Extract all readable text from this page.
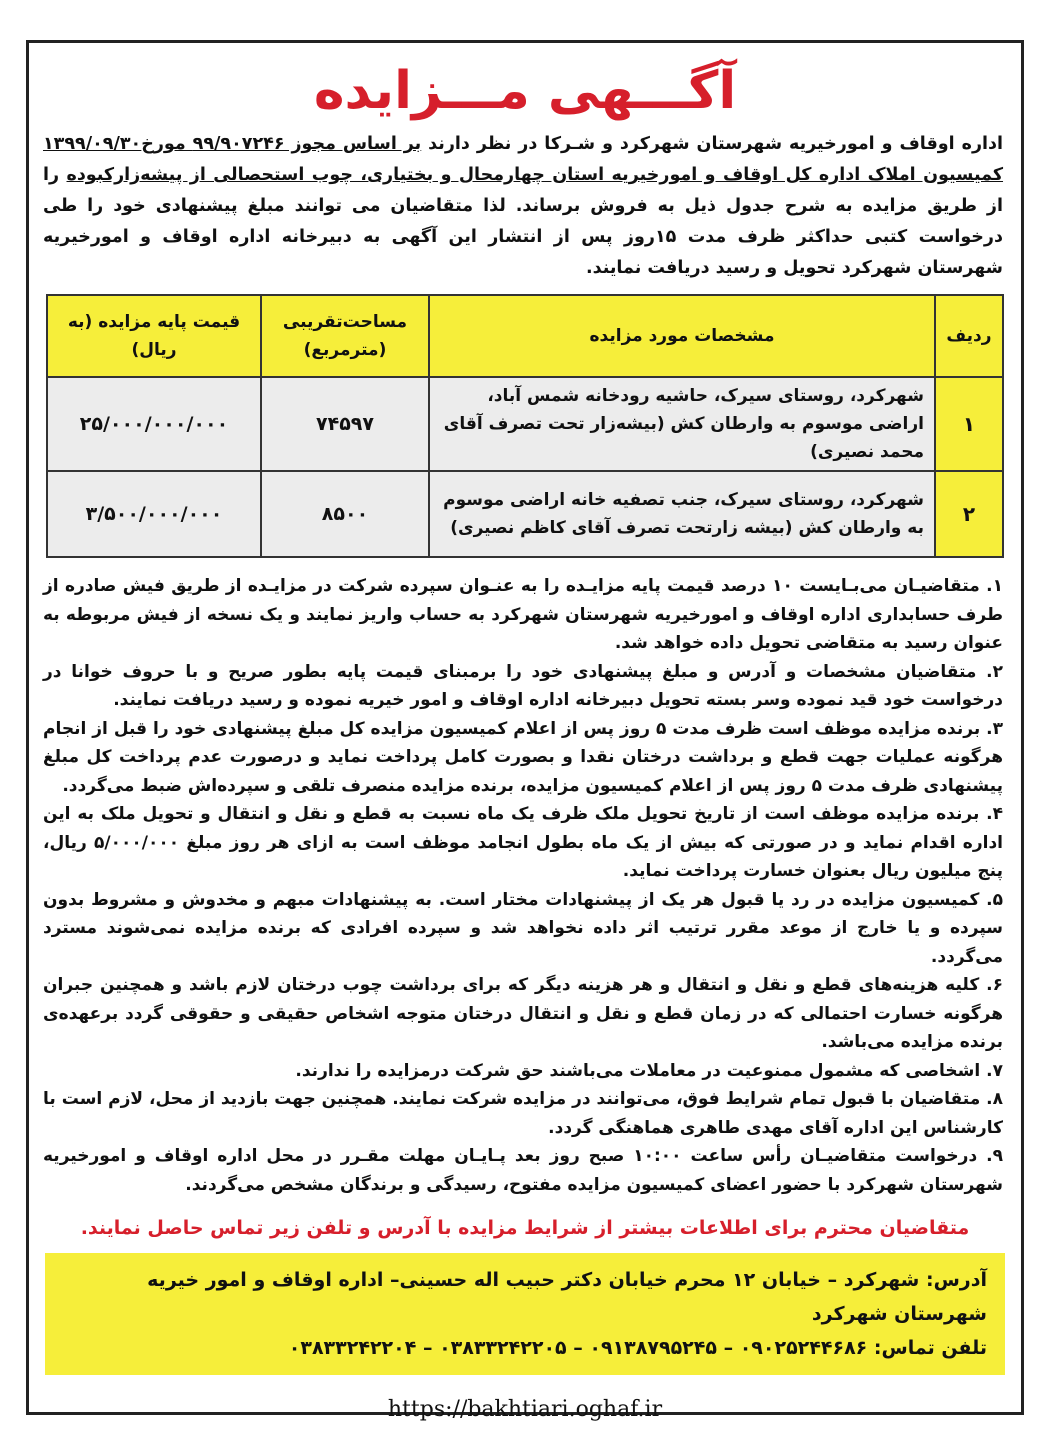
آگـــهی مـــزایده
اداره اوقاف و امورخیریه شهرستان شهرکرد و شـرکا در نظر دارند بر اساس مجوز ۹۹/۹۰۷۲۴۶ مورخ۱۳۹۹/۰۹/۳۰ کمیسیون املاک اداره کل اوقاف و امورخیریه استان چهارمحال و بختیاری، چوب استحصالی از پیشه‌زارکبوده را از طریق مزایده به شرح جدول ذیل به فروش برساند. لذا متقاضیان می توانند مبلغ پیشنهادی خود را طی درخواست کتبی حداکثر ظرف مدت ۱۵روز پس از انتشار این آگهی به دبیرخانه اداره اوقاف و امورخیریه شهرستان شهرکرد تحویل و رسید دریافت نمایند.
ردیف	مشخصات مورد مزایده	مساحت‌تقریبی (مترمربع)	قیمت پایه مزایده (به ریال)
۱	شهرکرد، روستای سیرک، حاشیه رودخانه شمس آباد، اراضی موسوم به وارطان کش (بیشه‌زار تحت تصرف آقای محمد نصیری)	۷۴۵۹۷	۲۵/۰۰۰/۰۰۰/۰۰۰
۲	شهرکرد، روستای سیرک، جنب تصفیه خانه اراضی موسوم به وارطان کش (بیشه زارتحت تصرف آقای کاظم نصیری)	۸۵۰۰	۳/۵۰۰/۰۰۰/۰۰۰
۱. متقاضیـان می‌بـایست ۱۰ درصد قیمت پایه مزایـده را به عنـوان سپرده شرکت در مزایـده از طریق فیش صادره از طرف حسابداری اداره اوقاف و امورخیریه شهرستان شهرکرد به حساب واریز نمایند و یک نسخه از فیش مربوطه به عنوان رسید به متقاضی تحویل داده خواهد شد.
۲. متقاضیان مشخصات و آدرس و مبلغ پیشنهادی خود را برمبنای قیمت پایه بطور صریح و با حروف خوانا در درخواست خود قید نموده وسر بسته تحویل دبیرخانه اداره اوقاف و امور خیریه نموده و رسید دریافت نمایند.
۳. برنده مزایده موظف است ظرف مدت ۵ روز پس از اعلام کمیسیون مزایده کل مبلغ پیشنهادی خود را قبل از انجام هرگونه عملیات جهت قطع و برداشت درختان نقدا و بصورت کامل پرداخت نماید و درصورت عدم پرداخت کل مبلغ پیشنهادی ظرف مدت ۵ روز پس از اعلام کمیسیون مزایده، برنده مزایده منصرف تلقی و سپرده‌اش ضبط می‌گردد.
۴. برنده مزایده موظف است از تاریخ تحویل ملک ظرف یک ماه نسبت به قطع و نقل و انتقال و تحویل ملک به این اداره اقدام نماید و در صورتی که بیش از یک ماه بطول انجامد موظف است به ازای هر روز مبلغ ۵/۰۰۰/۰۰۰ ریال، پنج میلیون ریال بعنوان خسارت پرداخت نماید.
۵. کمیسیون مزایده در رد یا قبول هر یک از پیشنهادات مختار است. به پیشنهادات مبهم و مخدوش و مشروط بدون سپرده و یا خارج از موعد مقرر ترتیب اثر داده نخواهد شد و سپرده افرادی که برنده مزایده نمی‌شوند مسترد می‌گردد.
۶. کلیه هزینه‌های قطع و نقل و انتقال و هر هزینه دیگر که برای برداشت چوب درختان لازم باشد و همچنین جبران هرگونه خسارت احتمالی که در زمان قطع و نقل و انتقال درختان متوجه اشخاص حقیقی و حقوقی گردد برعهده‌ی برنده مزایده می‌باشد.
۷. اشخاصی که مشمول ممنوعیت در معاملات می‌باشند حق شرکت درمزایده را ندارند.
۸. متقاضیان با قبول تمام شرایط فوق، می‌توانند در مزایده شرکت نمایند. همچنین جهت بازدید از محل، لازم است با کارشناس این اداره آقای مهدی طاهری هماهنگی گردد.
۹. درخواست متقاضیـان رأس ساعت ۱۰:۰۰ صبح روز بعد پـایـان مهلت مقـرر در محل اداره اوقاف و امورخیریه شهرستان شهرکرد با حضور اعضای کمیسیون مزایده مفتوح، رسیدگی و برندگان مشخص می‌گردند.
متقاضیان محترم برای اطلاعات بیشتر از شرایط مزایده با آدرس و تلفن زیر تماس حاصل نمایند.
آدرس: شهرکرد – خیابان ۱۲ محرم خیابان دکتر حبیب اله حسینی– اداره اوقاف و امور خیریه شهرستان شهرکرد
تلفن تماس: ۰۹۰۲۵۲۴۴۶۸۶ – ۰۹۱۳۸۷۹۵۲۴۵ – ۰۳۸۳۳۲۴۲۲۰۵ – ۰۳۸۳۳۲۴۲۲۰۴
https://bakhtiari.oghaf.ir
